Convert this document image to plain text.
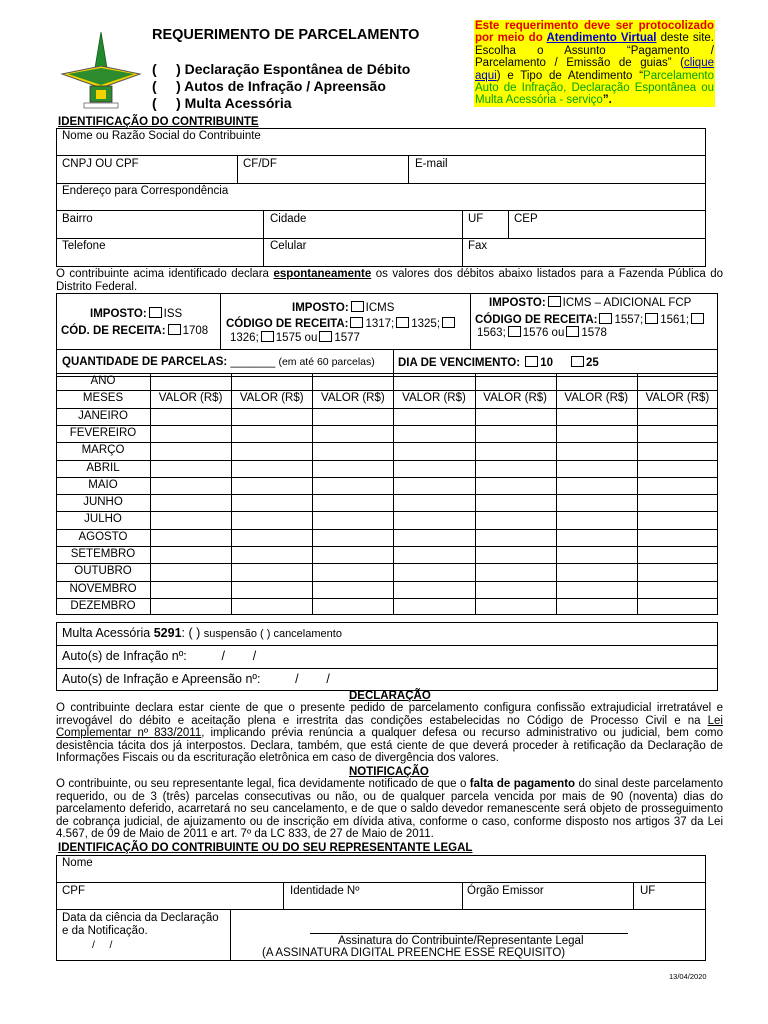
REQUERIMENTO DE PARCELAMENTO
(     ) Declaração Espontânea de Débito
(     ) Autos de Infração / Apreensão
(     ) Multa Acessória
Este requerimento deve ser protocolizado por meio do Atendimento Virtual deste site. Escolha o Assunto “Pagamento / Parcelamento / Emissão de guias” (clique aqui) e Tipo de Atendimento “Parcelamento Auto de Infração, Declaração Espontânea ou Multa Acessória - serviço”.
IDENTIFICAÇÃO DO CONTRIBUINTE
Nome ou Razão Social do Contribuinte
CNPJ OU CPF	CF/DF	E-mail
Endereço para Correspondência
Bairro	Cidade	UF	CEP
Telefone	Celular	Fax
O contribuinte acima identificado declara espontaneamente os valores dos débitos abaixo listados para a Fazenda Pública do Distrito Federal.
IMPOSTO: ISS
CÓD. DE RECEITA: 1708
IMPOSTO: ICMS
CÓDIGO DE RECEITA: 1317; 1325;
1326; 1575 ou 1577
IMPOSTO: ICMS – ADICIONAL FCP
CÓDIGO DE RECEITA: 1557; 1561;
1563; 1576 ou 1578
QUANTIDADE DE PARCELAS: _______ (em até 60 parcelas) DIA DE VENCIMENTO: 10	25
ANO
MESES	VALOR (R$)	VALOR (R$)	VALOR (R$)	VALOR (R$)	VALOR (R$)	VALOR (R$)	VALOR (R$)
JANEIRO
FEVEREIRO
MARÇO
ABRIL
MAIO
JUNHO
JULHO
AGOSTO
SETEMBRO
OUTUBRO
NOVEMBRO
DEZEMBRO
Multa Acessória 5291: ( ) suspensão ( ) cancelamento
Auto(s) de Infração nº:          /        /
Auto(s) de Infração e Apreensão nº:          /        /
DECLARAÇÃO
O contribuinte declara estar ciente de que o presente pedido de parcelamento configura confissão extrajudicial irretratável e irrevogável do débito e aceitação plena e irrestrita das condições estabelecidas no Código de Processo Civil e na Lei Complementar nº 833/2011, implicando prévia renúncia a qualquer defesa ou recurso administrativo ou judicial, bem como desistência tácita dos já interpostos. Declara, também, que está ciente de que deverá proceder à retificação da Declaração de Informações Fiscais ou da escrituração eletrônica em caso de divergência dos valores.
NOTIFICAÇÃO
O contribuinte, ou seu representante legal, fica devidamente notificado de que o falta de pagamento do sinal deste parcelamento requerido, ou de 3 (três) parcelas consecutivas ou não, ou de qualquer parcela vencida por mais de 90 (noventa) dias do parcelamento deferido, acarretará no seu cancelamento, e de que o saldo devedor remanescente será objeto de prosseguimento de cobrança judicial, de ajuizamento ou de inscrição em dívida ativa, conforme o caso, conforme disposto nos artigos 37 da Lei 4.567, de 09 de Maio de 2011 e art. 7º da LC 833, de 27 de Maio de 2011.
IDENTIFICAÇÃO DO CONTRIBUINTE OU DO SEU REPRESENTANTE LEGAL
Nome
CPF	Identidade Nº	Órgão Emissor	UF
Data da ciência da Declaração e da Notificação.
/     /	Assinatura do Contribuinte/Representante Legal
(A ASSINATURA DIGITAL PREENCHE ESSE REQUISITO)
13/04/2020
